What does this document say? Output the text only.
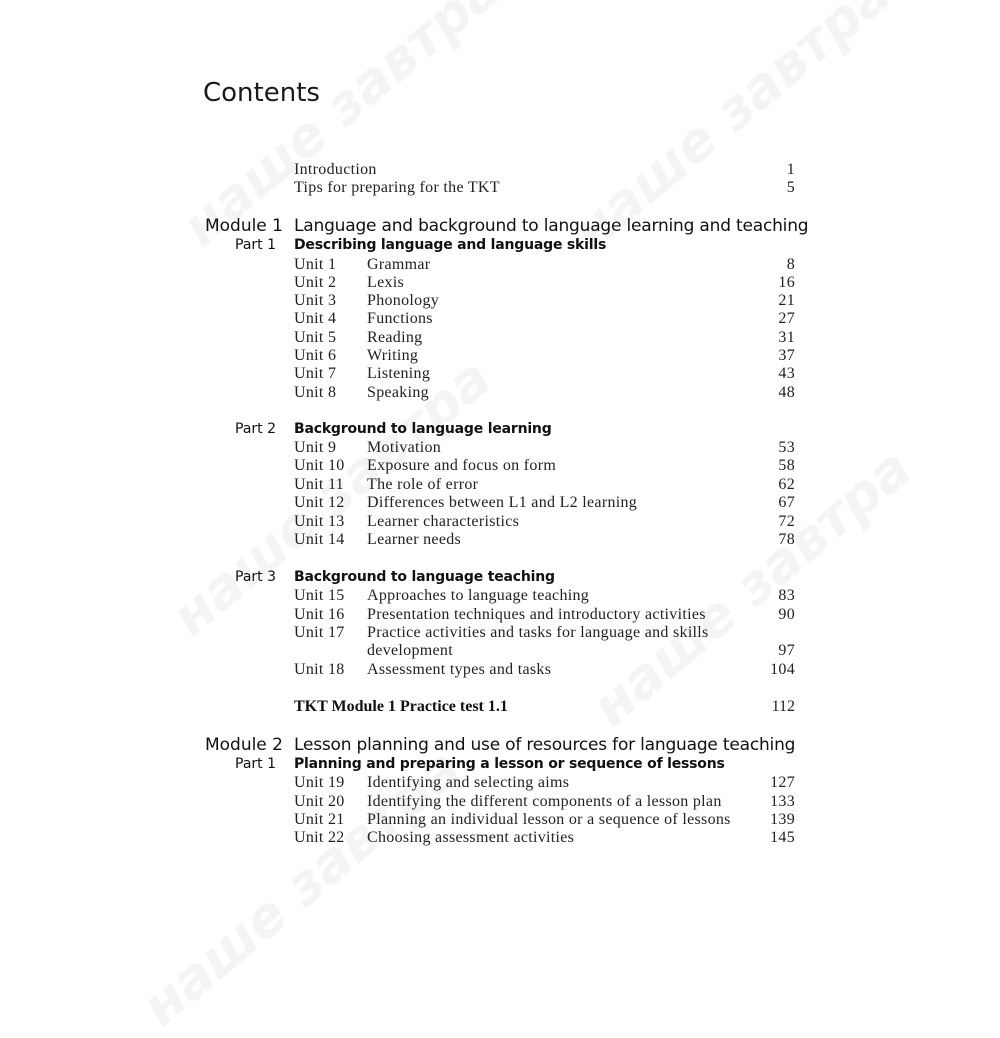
Contents
Introduction	1
Tips for preparing for the TKT	5
Module 1 Language and background to language learning and teaching
Part 1 Describing language and language skills
Unit 1 Grammar	8
Unit 2 Lexis	16
Unit 3 Phonology	21
Unit 4 Functions	27
Unit 5 Reading	31
Unit 6 Writing	37
Unit 7 Listening	43
Unit 8 Speaking	48
Part 2 Background to language learning
Unit 9 Motivation	53
Unit 10 Exposure and focus on form	58
Unit 11 The role of error	62
Unit 12 Differences between L1 and L2 learning	67
Unit 13 Learner characteristics	72
Unit 14 Learner needs	78
Part 3 Background to language teaching
Unit 15 Approaches to language teaching	83
Unit 16 Presentation techniques and introductory activities	90
Unit 17 Practice activities and tasks for language and skills
development	97
Unit 18 Assessment types and tasks	104
TKT Module 1 Practice test 1.1	112
Module 2 Lesson planning and use of resources for language teaching
Part 1 Planning and preparing a lesson or sequence of lessons
Unit 19 Identifying and selecting aims	127
Unit 20 Identifying the different components of a lesson plan	133
Unit 21 Planning an individual lesson or a sequence of lessons 139
Unit 22 Choosing assessment activities	145
